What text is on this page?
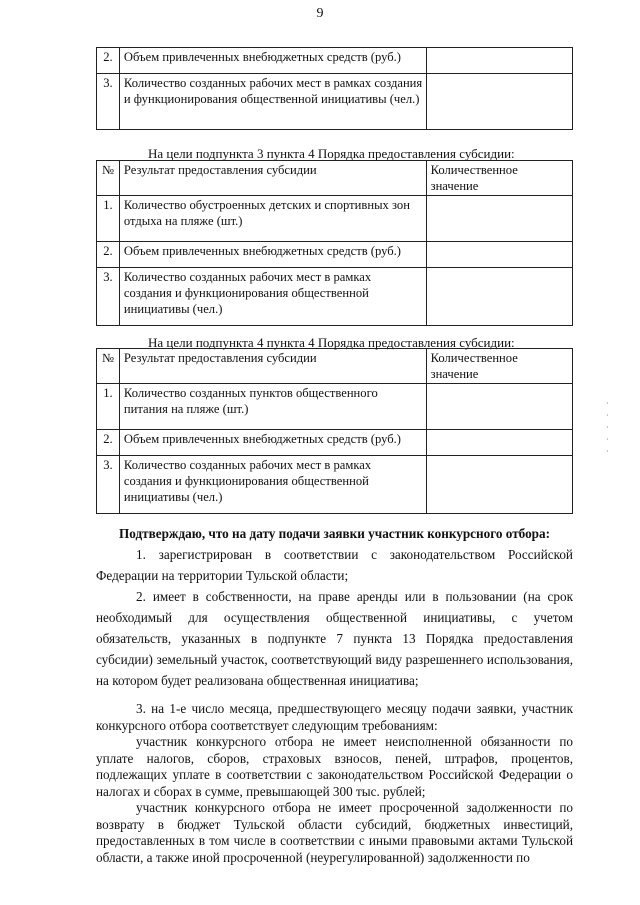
9
2.	Объем привлеченных внебюджетных средств (руб.)	
3.	Количество созданных рабочих мест в рамках создания и функционирования общественной инициативы (чел.)	
На цели подпункта 3 пункта 4 Порядка предоставления субсидии:
№	Результат предоставления субсидии	Количественное значение
1.	Количество обустроенных детских и спортивных зон отдыха на пляже (шт.)	
2.	Объем привлеченных внебюджетных средств (руб.)	
3.	Количество созданных рабочих мест в рамках создания и функционирования общественной инициативы (чел.)	
На цели подпункта 4 пункта 4 Порядка предоставления субсидии:
№	Результат предоставления субсидии	Количественное значение
1.	Количество созданных пунктов общественного питания на пляже (шт.)	
2.	Объем привлеченных внебюджетных средств (руб.)	
3.	Количество созданных рабочих мест в рамках создания и функционирования общественной инициативы (чел.)	
·
·
·
·
·

Подтверждаю, что на дату подачи заявки участник конкурсного отбора:

1. зарегистрирован в соответствии с законодательством Российской Федерации на территории Тульской области;

2. имеет в собственности, на праве аренды или в пользовании (на срок необходимый для осуществления общественной инициативы, с учетом обязательств, указанных в подпункте 7 пункта 13 Порядка предоставления субсидии) земельный участок, соответствующий виду разрешеннего использования, на котором будет реализована общественная инициатива;

3. на 1-е число месяца, предшествующего месяцу подачи заявки, участник конкурсного отбора соответствует следующим требованиям:

участник конкурсного отбора не имеет неисполненной обязанности по уплате налогов, сборов, страховых взносов, пеней, штрафов, процентов, подлежащих уплате в соответствии с законодательством Российской Федерации о налогах и сборах в сумме, превышающей 300 тыс. рублей;

участник конкурсного отбора не имеет просроченной задолженности по возврату в бюджет Тульской области субсидий, бюджетных инвестиций, предоставленных в том числе в соответствии с иными правовыми актами Тульской области, а также иной просроченной (неурегулированной) задолженности по
